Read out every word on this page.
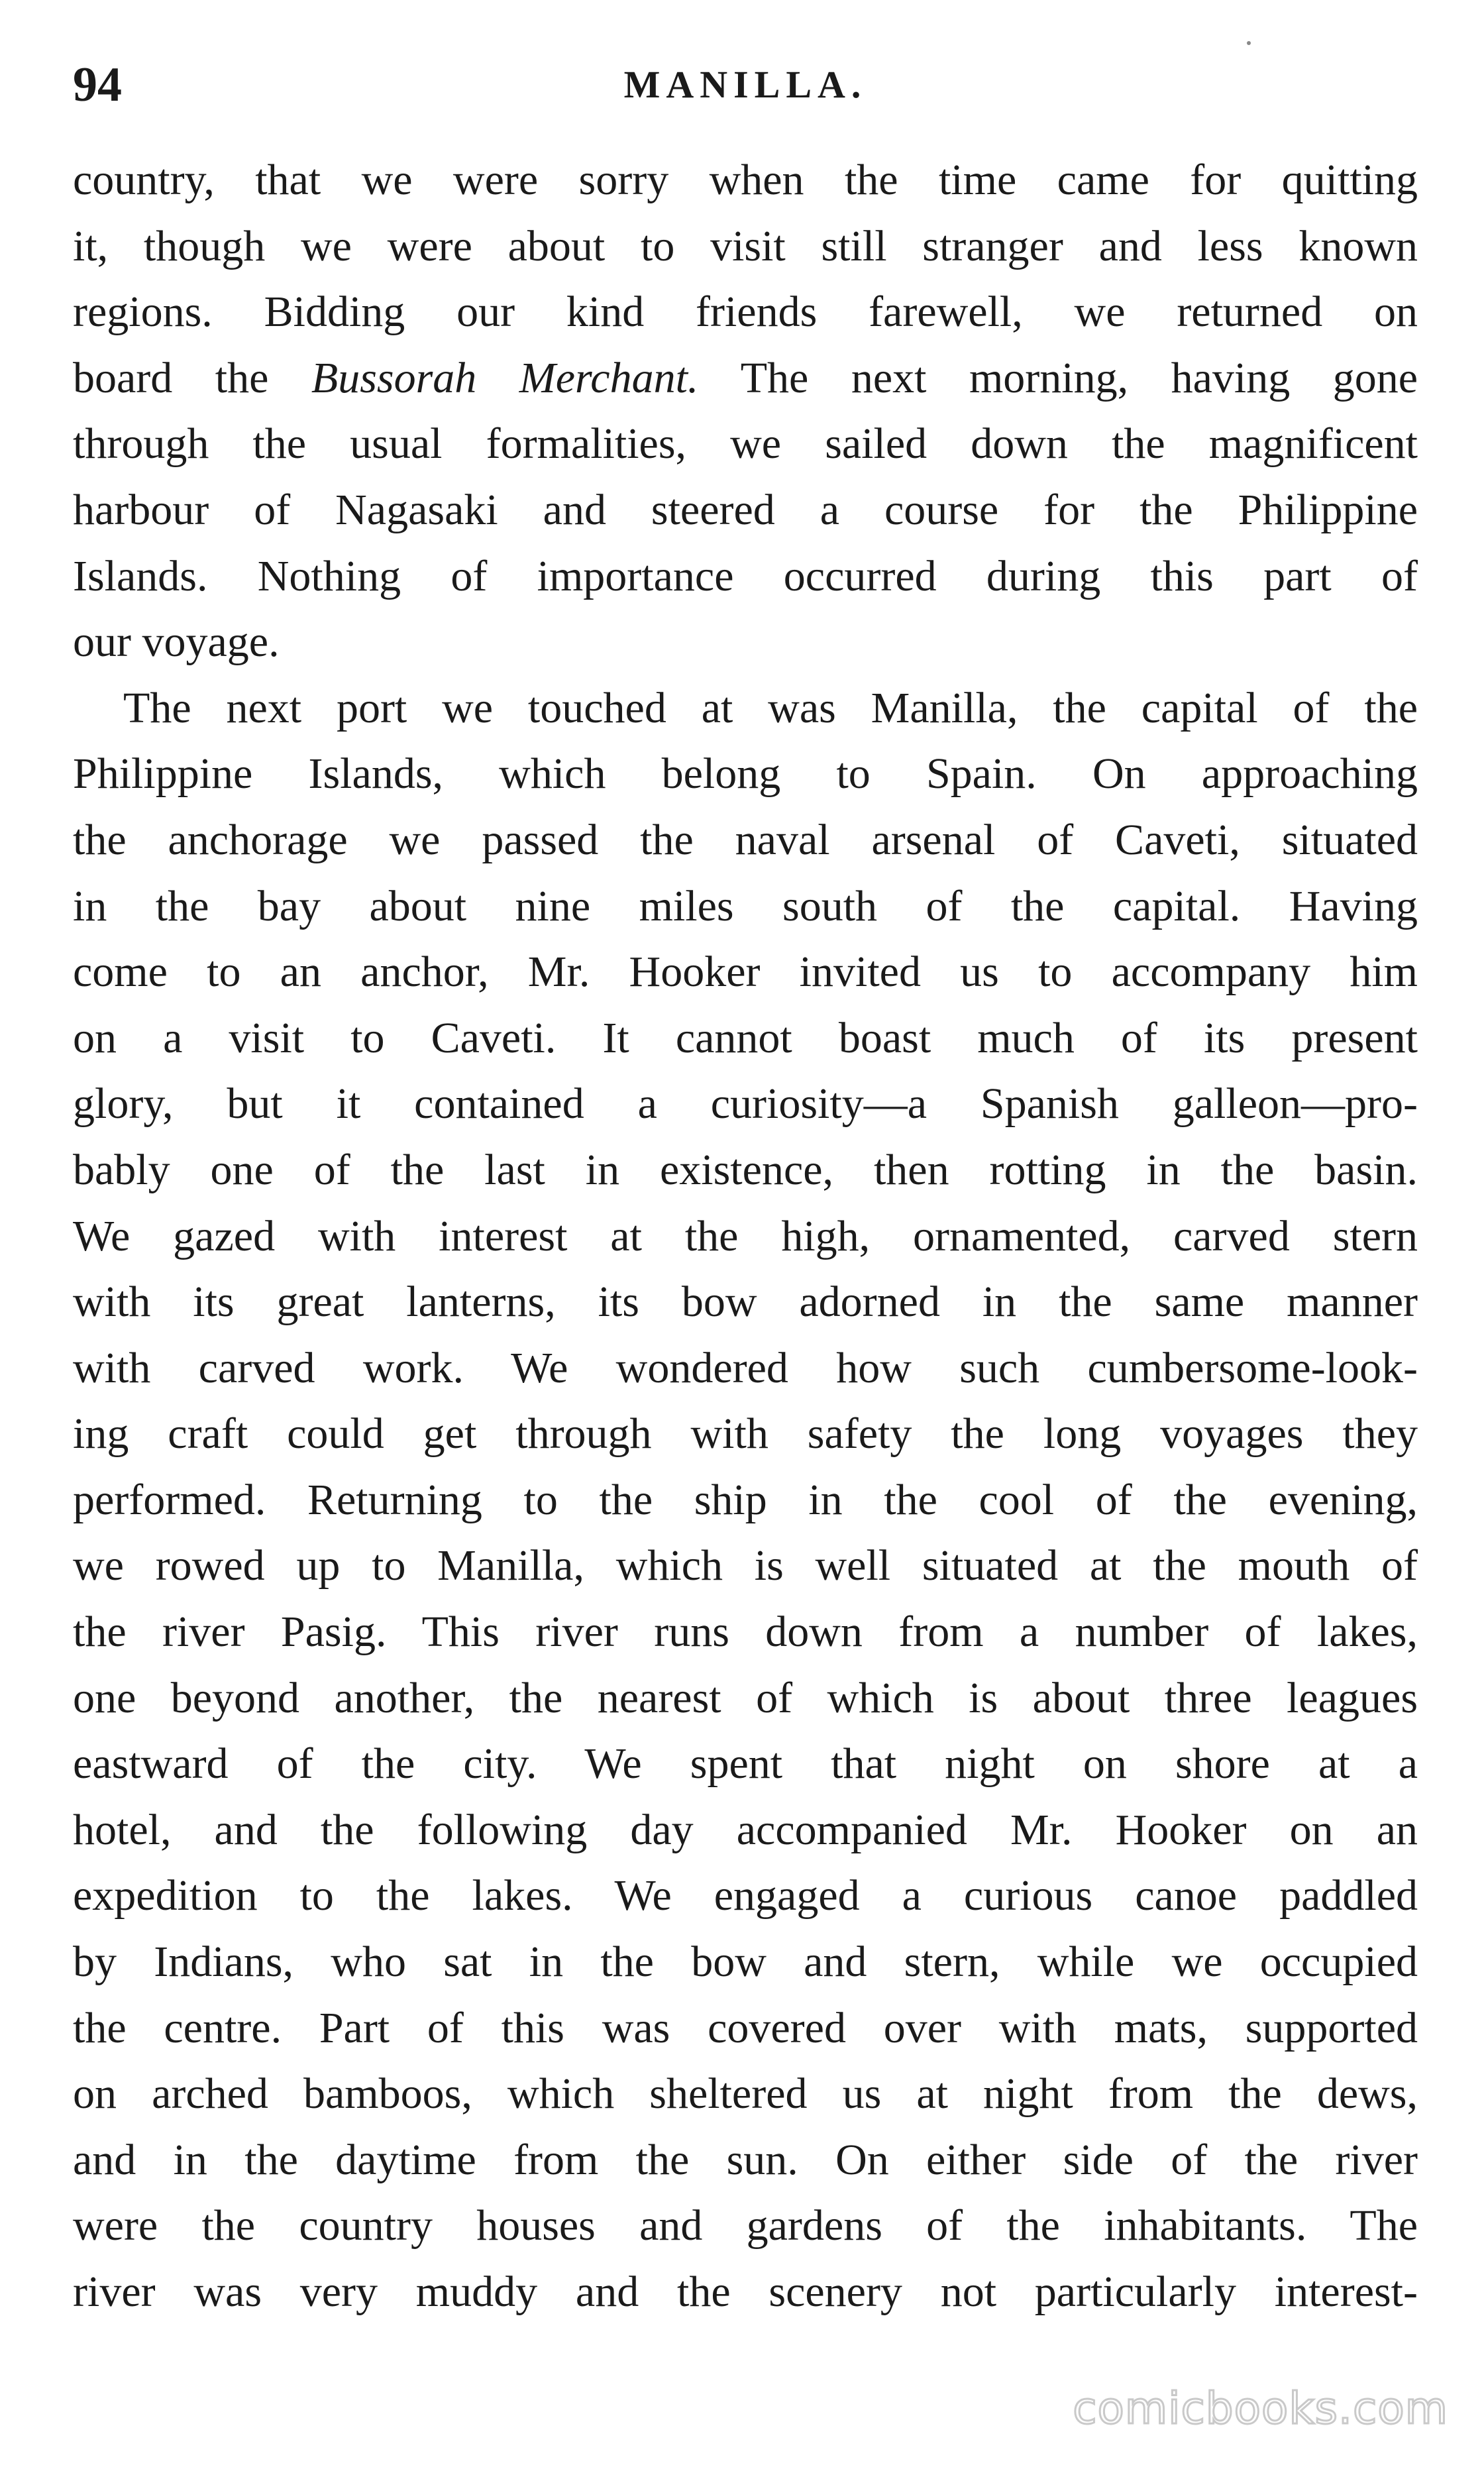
94	MANILLA.
country, that we were sorry when the time came for quitting
it, though we were about to visit still stranger and less known
regions. Bidding our kind friends farewell, we returned on
board the Bussorah Merchant. The next morning, having gone
through the usual formalities, we sailed down the magnificent
harbour of Nagasaki and steered a course for the Philippine
Islands. Nothing of importance occurred during this part of
our voyage.
The next port we touched at was Manilla, the capital of the
Philippine Islands, which belong to Spain. On approaching
the anchorage we passed the naval arsenal of Caveti, situated
in the bay about nine miles south of the capital. Having
come to an anchor, Mr. Hooker invited us to accompany him
on a visit to Caveti. It cannot boast much of its present
glory, but it contained a curiosity—a Spanish galleon—pro-
bably one of the last in existence, then rotting in the basin.
We gazed with interest at the high, ornamented, carved stern
with its great lanterns, its bow adorned in the same manner
with carved work. We wondered how such cumbersome-look-
ing craft could get through with safety the long voyages they
performed. Returning to the ship in the cool of the evening,
we rowed up to Manilla, which is well situated at the mouth of
the river Pasig. This river runs down from a number of lakes,
one beyond another, the nearest of which is about three leagues
eastward of the city. We spent that night on shore at a
hotel, and the following day accompanied Mr. Hooker on an
expedition to the lakes. We engaged a curious canoe paddled
by Indians, who sat in the bow and stern, while we occupied
the centre. Part of this was covered over with mats, supported
on arched bamboos, which sheltered us at night from the dews,
and in the daytime from the sun. On either side of the river
were the country houses and gardens of the inhabitants. The
river was very muddy and the scenery not particularly interest-
comicbooks.com
